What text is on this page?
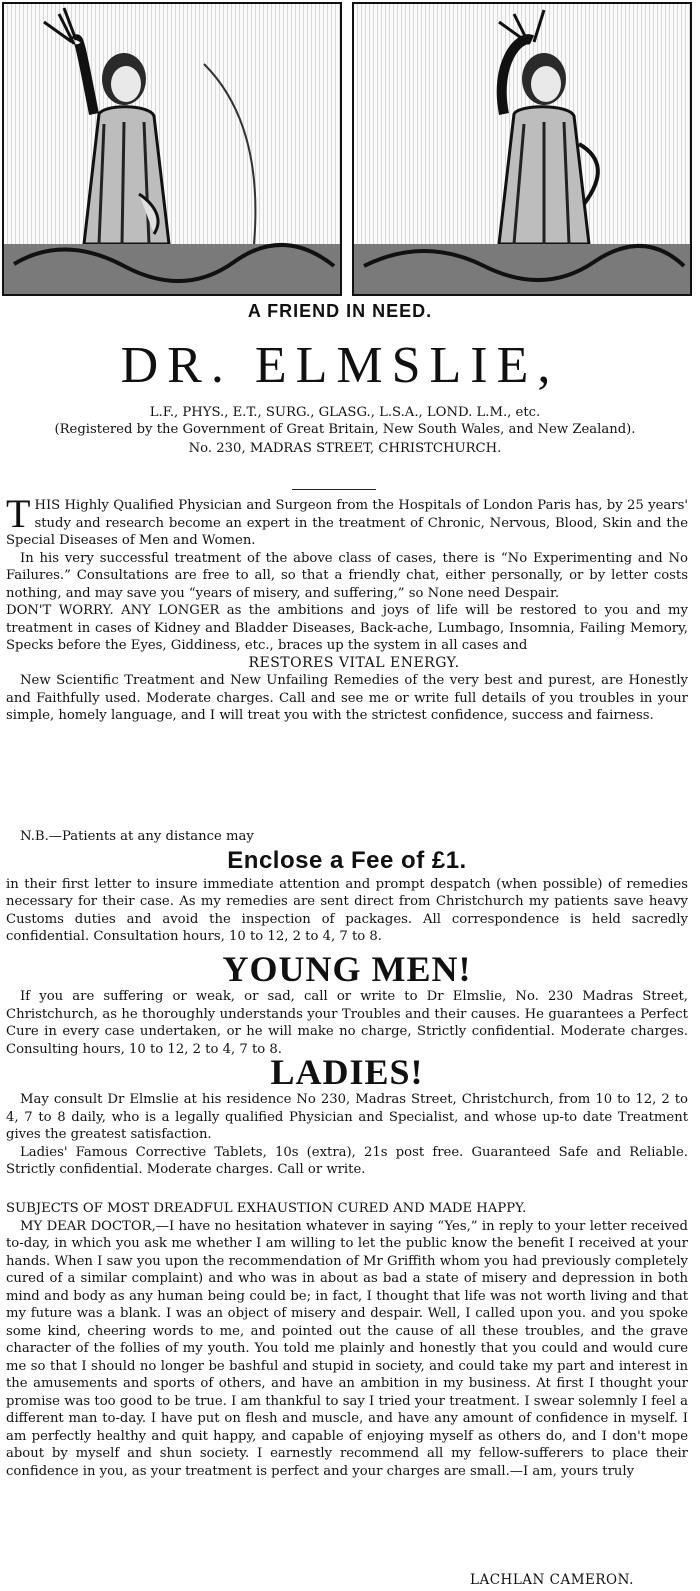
A FRIEND IN NEED.
DR. ELMSLIE,
L.F., PHYS., E.T., SURG., GLASG., L.S.A., LOND. L.M., etc.
(Registered by the Government of Great Britain, New South Wales, and New Zealand).
No. 230, MADRAS STREET, CHRISTCHURCH.

THIS Highly Qualified Physician and Surgeon from the Hospitals of London Paris has, by 25 years' study and research become an expert in the treatment of Chronic, Nervous, Blood, Skin and the Special Diseases of Men and Women.

In his very successful treatment of the above class of cases, there is “No Experimenting and No Failures.” Consultations are free to all, so that a friendly chat, either personally, or by letter costs nothing, and may save you “years of misery, and suffering,” so None need Despair.

DON'T WORRY. ANY LONGER as the ambitions and joys of life will be restored to you and my treatment in cases of Kidney and Bladder Diseases, Back-ache, Lumbago, Insomnia, Failing Memory, Specks before the Eyes, Giddiness, etc., braces up the system in all cases and

RESTORES VITAL ENERGY.

New Scientific Treatment and New Unfailing Remedies of the very best and purest, are Honestly and Faithfully used. Moderate charges. Call and see me or write full details of you troubles in your simple, homely language, and I will treat you with the strictest confidence, success and fairness.

N.B.—Patients at any distance may

Enclose a Fee of £1.

in their first letter to insure immediate attention and prompt despatch (when possible) of remedies necessary for their case. As my remedies are sent direct from Christchurch my patients save heavy Customs duties and avoid the inspection of packages. All correspondence is held sacredly confidential. Consultation hours, 10 to 12, 2 to 4, 7 to 8.

YOUNG MEN!

If you are suffering or weak, or sad, call or write to Dr Elmslie, No. 230 Madras Street, Christchurch, as he thoroughly understands your Troubles and their causes. He guarantees a Perfect Cure in every case undertaken, or he will make no charge, Strictly confidential. Moderate charges. Consulting hours, 10 to 12, 2 to 4, 7 to 8.

LADIES!

May consult Dr Elmslie at his residence No 230, Madras Street, Christchurch, from 10 to 12, 2 to 4, 7 to 8 daily, who is a legally qualified Physician and Specialist, and whose up-to date Treatment gives the greatest satisfaction.

Ladies' Famous Corrective Tablets, 10s (extra), 21s post free. Guaranteed Safe and Reliable. Strictly confidential. Moderate charges. Call or write.

SUBJECTS OF MOST DREADFUL EXHAUSTION CURED AND MADE HAPPY.

MY DEAR DOCTOR,—I have no hesitation whatever in saying “Yes,” in reply to your letter received to-day, in which you ask me whether I am willing to let the public know the benefit I received at your hands. When I saw you upon the recommendation of Mr Griffith whom you had previously completely cured of a similar complaint) and who was in about as bad a state of misery and depression in both mind and body as any human being could be; in fact, I thought that life was not worth living and that my future was a blank. I was an object of misery and despair. Well, I called upon you. and you spoke some kind, cheering words to me, and pointed out the cause of all these troubles, and the grave character of the follies of my youth. You told me plainly and honestly that you could and would cure me so that I should no longer be bashful and stupid in society, and could take my part and interest in the amusements and sports of others, and have an ambition in my business. At first I thought your promise was too good to be true. I am thankful to say I tried your treatment. I swear solemnly I feel a different man to-day. I have put on flesh and muscle, and have any amount of confidence in myself. I am perfectly healthy and quit happy, and capable of enjoying myself as others do, and I don't mope about by myself and shun society. I earnestly recommend all my fellow-sufferers to place their confidence in you, as your treatment is perfect and your charges are small.—I am, yours truly

LACHLAN CAMERON.
